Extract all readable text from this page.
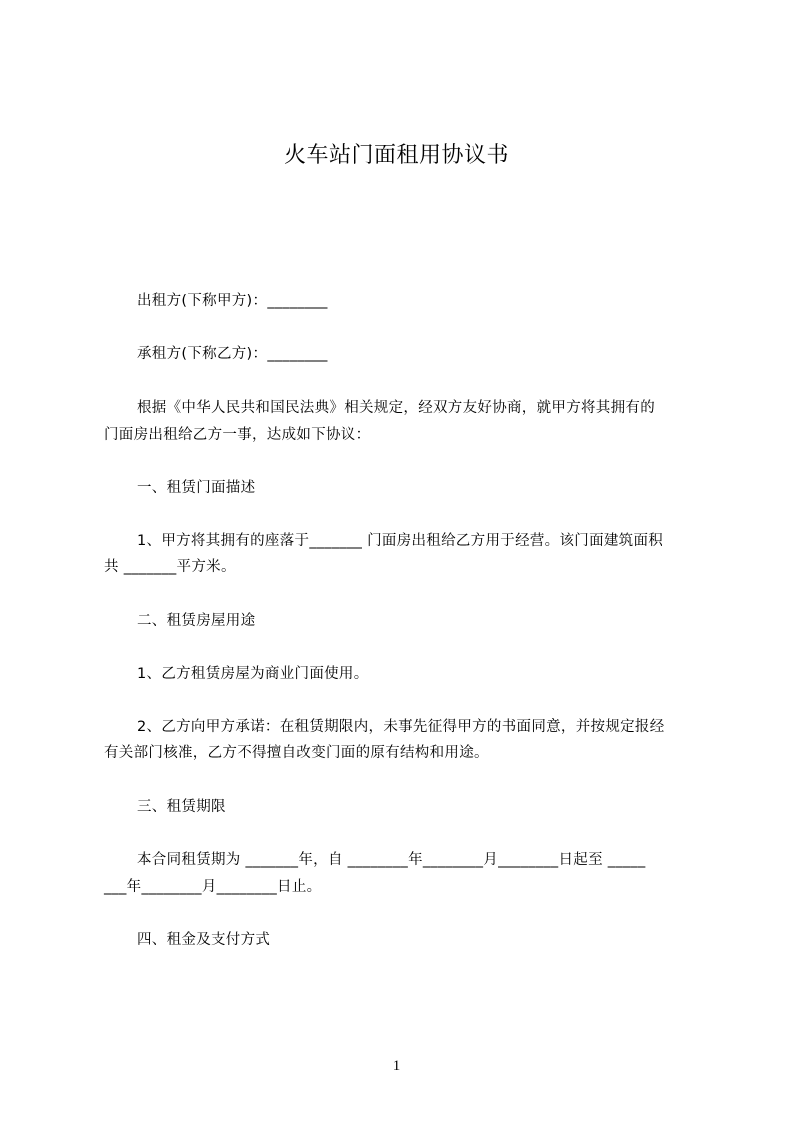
火车站门面租用协议书
出租方(下称甲方)：________
承租方(下称乙方)：________
根据《中华人民共和国民法典》相关规定，经双方友好协商，就甲方将其拥有的
门面房出租给乙方一事，达成如下协议：
一、租赁门面描述
1、甲方将其拥有的座落于_______ 门面房出租给乙方用于经营。该门面建筑面积
共 _______平方米。
二、租赁房屋用途
1、乙方租赁房屋为商业门面使用。
2、乙方向甲方承诺：在租赁期限内，未事先征得甲方的书面同意，并按规定报经
有关部门核准，乙方不得擅自改变门面的原有结构和用途。
三、租赁期限
本合同租赁期为 _______年，自 ________年________月________日起至 _____
___年________月________日止。
四、租金及支付方式
1
